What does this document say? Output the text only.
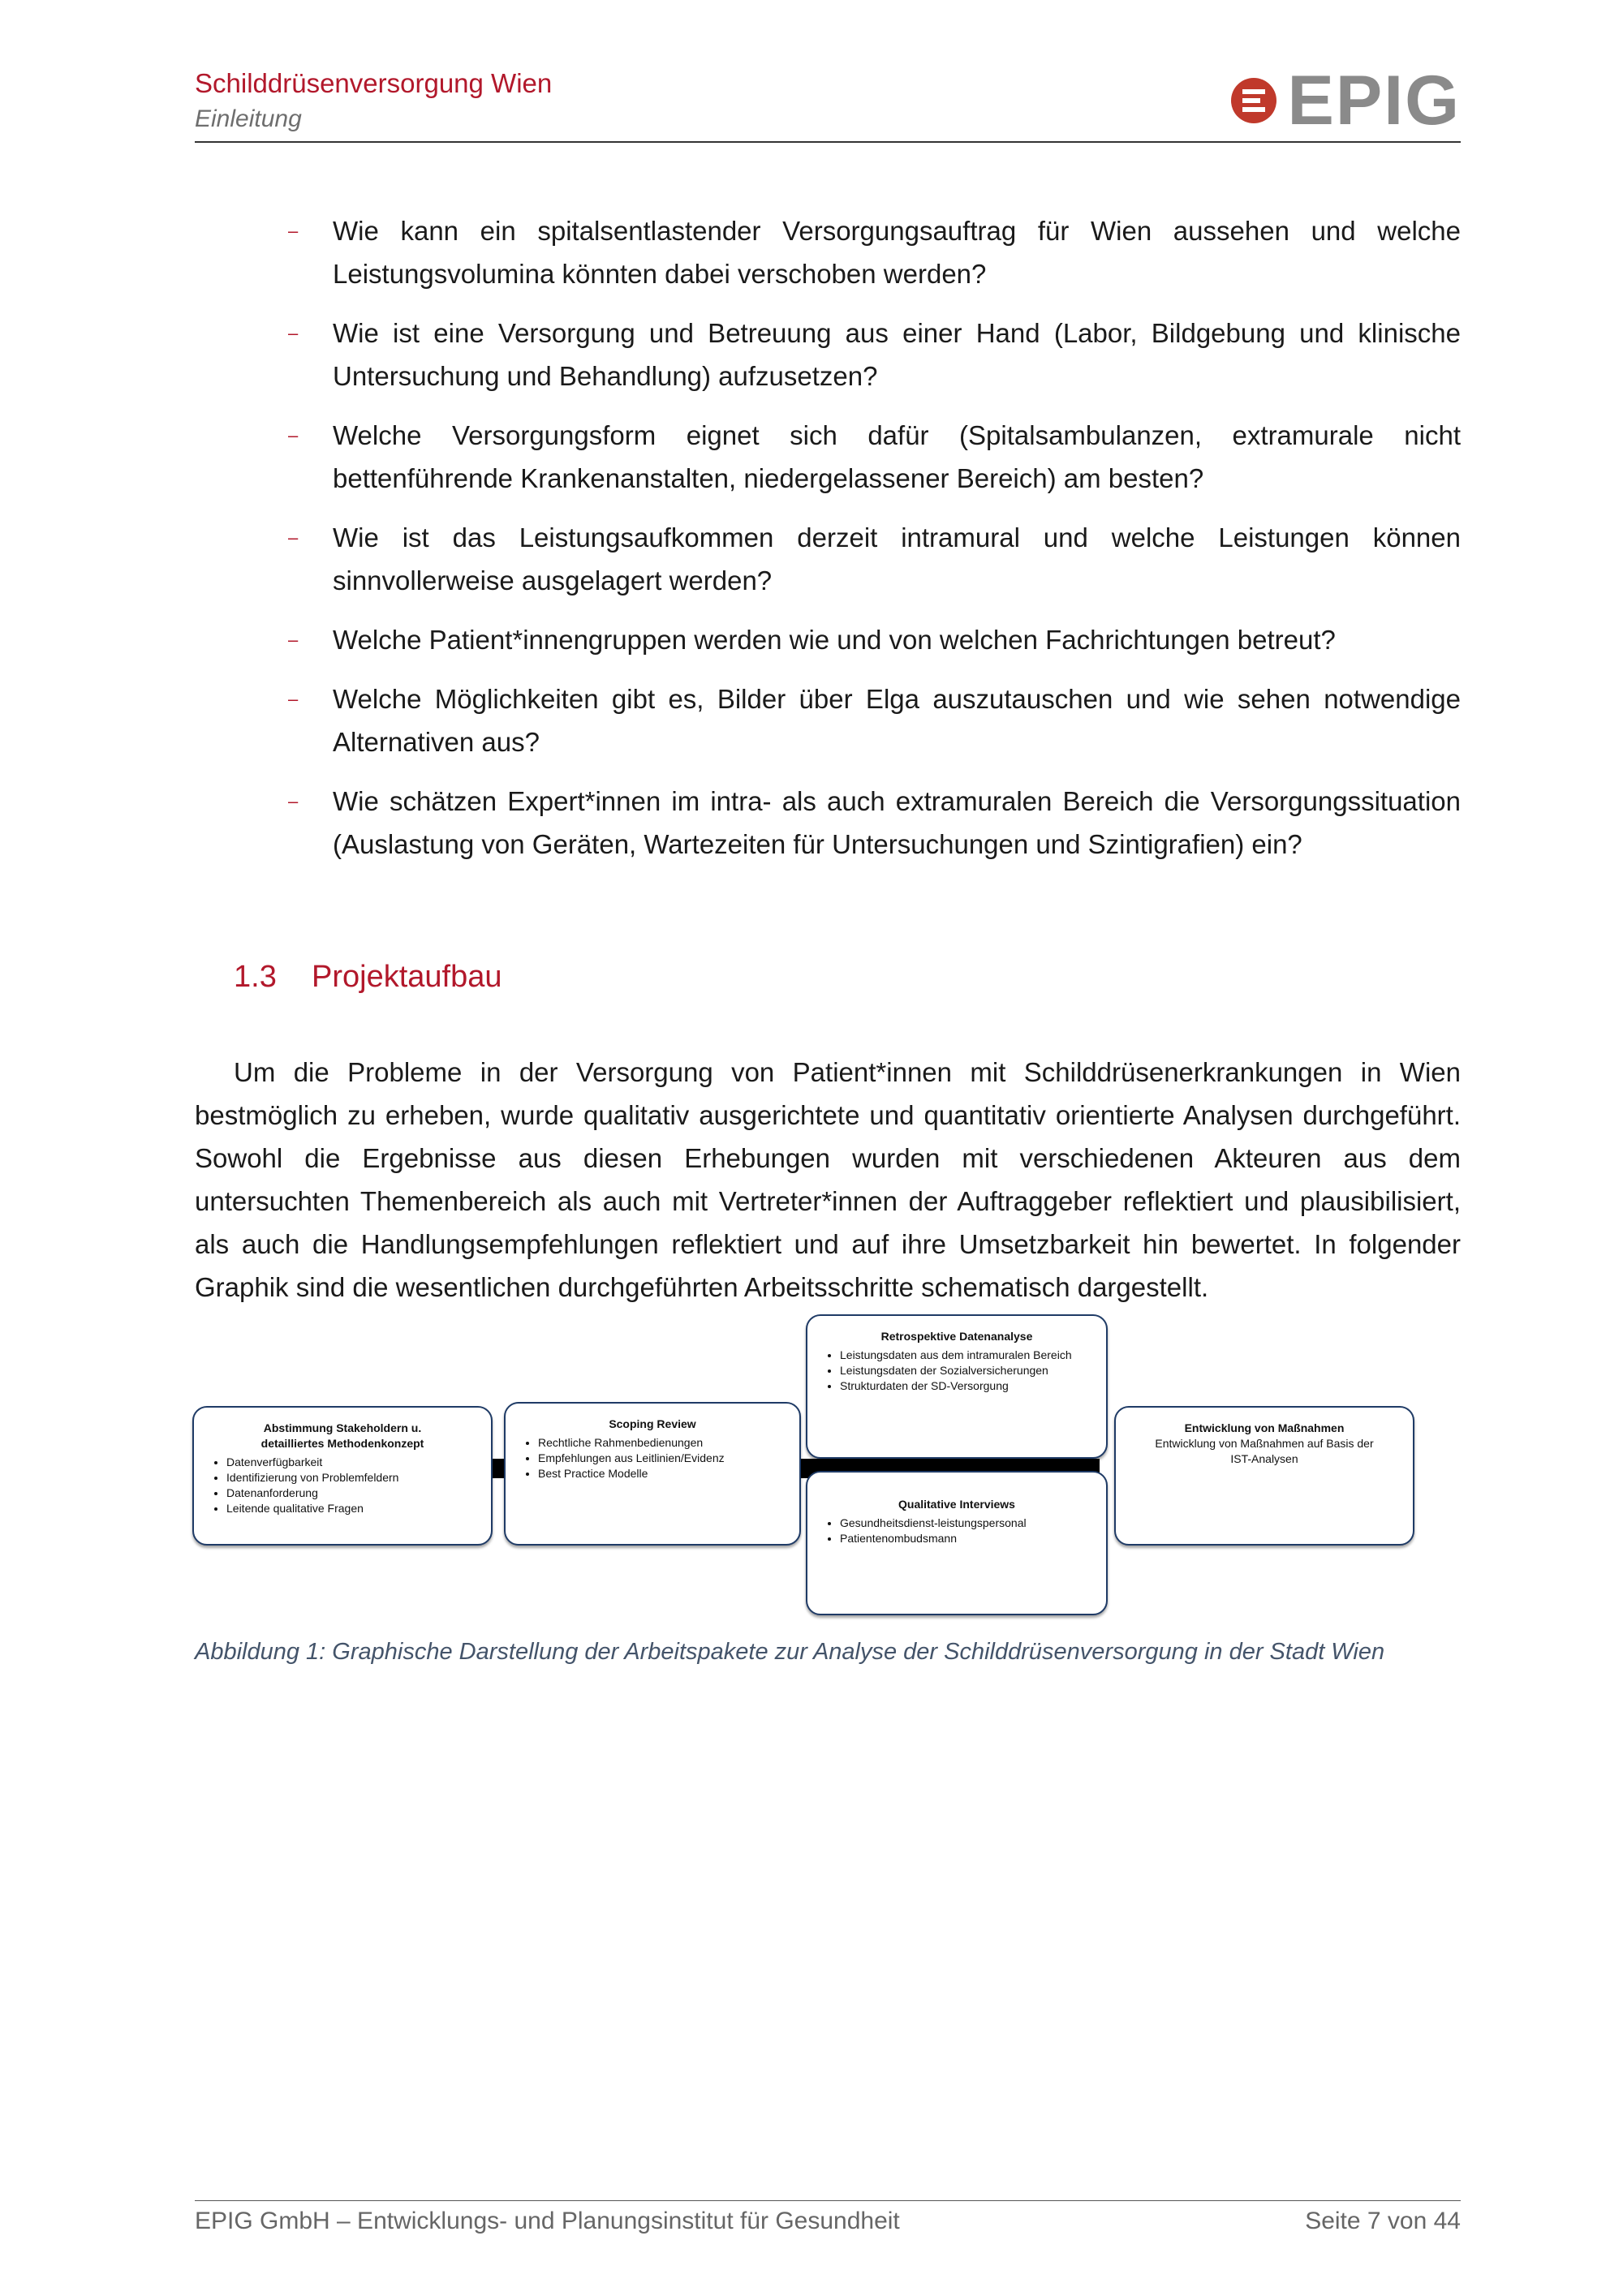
Schilddrüsenversorgung Wien
Einleitung	EPIG
– Wie kann ein spitalsentlastender Versorgungsauftrag für Wien aussehen und welche Leistungsvolumina könnten dabei verschoben werden?
– Wie ist eine Versorgung und Betreuung aus einer Hand (Labor, Bildgebung und klinische Untersuchung und Behandlung) aufzusetzen?
– Welche Versorgungsform eignet sich dafür (Spitalsambulanzen, extramurale nicht bettenführende Krankenanstalten, niedergelassener Bereich) am besten?
– Wie ist das Leistungsaufkommen derzeit intramural und welche Leistungen können sinnvollerweise ausgelagert werden?
– Welche Patient*innengruppen werden wie und von welchen Fachrichtungen betreut?
– Welche Möglichkeiten gibt es, Bilder über Elga auszutauschen und wie sehen notwendige Alternativen aus?
– Wie schätzen Expert*innen im intra- als auch extramuralen Bereich die Versorgungssituation (Auslastung von Geräten, Wartezeiten für Untersuchungen und Szintigrafien) ein?
1.3 Projektaufbau

Um die Probleme in der Versorgung von Patient*innen mit Schilddrüsenerkrankungen in Wien bestmöglich zu erheben, wurde qualitativ ausgerichtete und quantitativ orientierte Analysen durchgeführt. Sowohl die Ergebnisse aus diesen Erhebungen wurden mit verschiedenen Akteuren aus dem untersuchten Themenbereich als auch mit Vertreter*innen der Auftraggeber reflektiert und plausibilisiert, als auch die Handlungsempfehlungen reflektiert und auf ihre Umsetzbarkeit hin bewertet. In folgender Graphik sind die wesentlichen durchgeführten Arbeitsschritte schematisch dargestellt.

Abstimmung Stakeholdern u.
detailliertes Methodenkonzept
• Datenverfügbarkeit
• Identifizierung von Problemfeldern
• Datenanforderung
• Leitende qualitative Fragen
Scoping Review
• Rechtliche Rahmenbedienungen
• Empfehlungen aus Leitlinien/Evidenz
• Best Practice Modelle
Retrospektive Datenanalyse
• Leistungsdaten aus dem intramuralen Bereich
• Leistungsdaten der Sozialversicherungen
• Strukturdaten der SD-Versorgung
Qualitative Interviews
• Gesundheitsdienst-leistungspersonal
• Patientenombudsmann
Entwicklung von Maßnahmen
Entwicklung von Maßnahmen auf Basis der
IST-Analysen
Abbildung 1: Graphische Darstellung der Arbeitspakete zur Analyse der Schilddrüsenversorgung in der Stadt Wien
EPIG GmbH – Entwicklungs- und Planungsinstitut für Gesundheit	Seite 7 von 44
